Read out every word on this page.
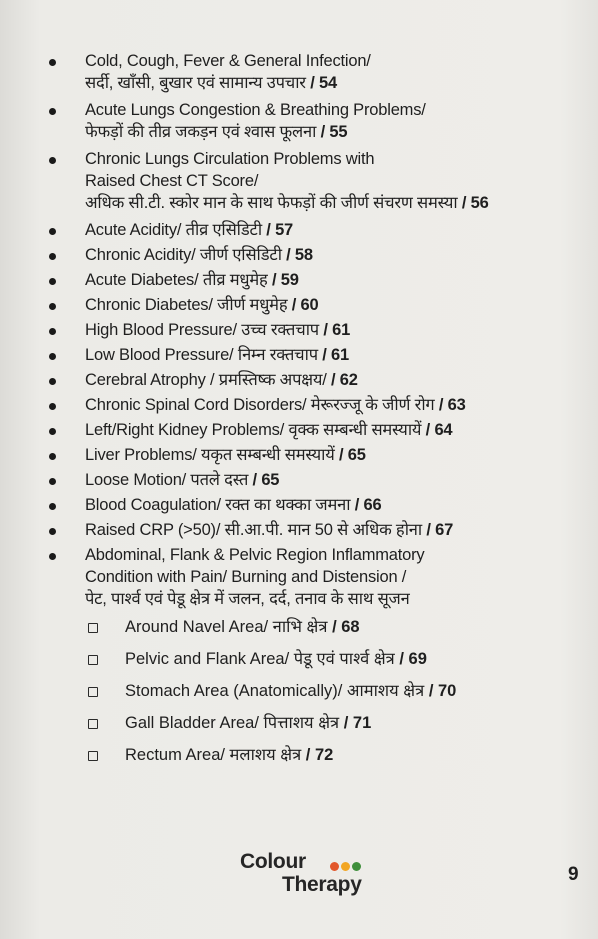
Cold, Cough, Fever & General Infection/
सर्दी, खाँसी, बुखार एवं सामान्य उपचार / 54
Acute Lungs Congestion & Breathing Problems/
फेफड़ों की तीव्र जकड़न एवं श्वास फूलना / 55
Chronic Lungs Circulation Problems with
Raised Chest CT Score/
अधिक सी.टी. स्कोर मान के साथ फेफड़ों की जीर्ण संचरण समस्या / 56
Acute Acidity/ तीव्र एसिडिटी / 57
Chronic Acidity/ जीर्ण एसिडिटी / 58
Acute Diabetes/ तीव्र मधुमेह / 59
Chronic Diabetes/ जीर्ण मधुमेह / 60
High Blood Pressure/ उच्च रक्तचाप / 61
Low Blood Pressure/ निम्न रक्तचाप / 61
Cerebral Atrophy / प्रमस्तिष्क अपक्षय/ / 62
Chronic Spinal Cord Disorders/ मेरूरज्जू के जीर्ण रोग / 63
Left/Right Kidney Problems/ वृक्क सम्बन्धी समस्यायें / 64
Liver Problems/ यकृत सम्बन्धी समस्यायें / 65
Loose Motion/ पतले दस्त / 65
Blood Coagulation/ रक्त का थक्का जमना / 66
Raised CRP (>50)/ सी.आ.पी. मान 50 से अधिक होना / 67
Abdominal, Flank & Pelvic Region Inflammatory
Condition with Pain/ Burning and Distension /
पेट, पार्श्व एवं पेडू क्षेत्र में जलन, दर्द, तनाव के साथ सूजन
Around Navel Area/ नाभि क्षेत्र / 68
Pelvic and Flank Area/ पेडू एवं पार्श्व क्षेत्र / 69
Stomach Area (Anatomically)/ आमाशय क्षेत्र / 70
Gall Bladder Area/ पित्ताशय क्षेत्र / 71
Rectum Area/ मलाशय क्षेत्र / 72
Colour
Therapy	9
